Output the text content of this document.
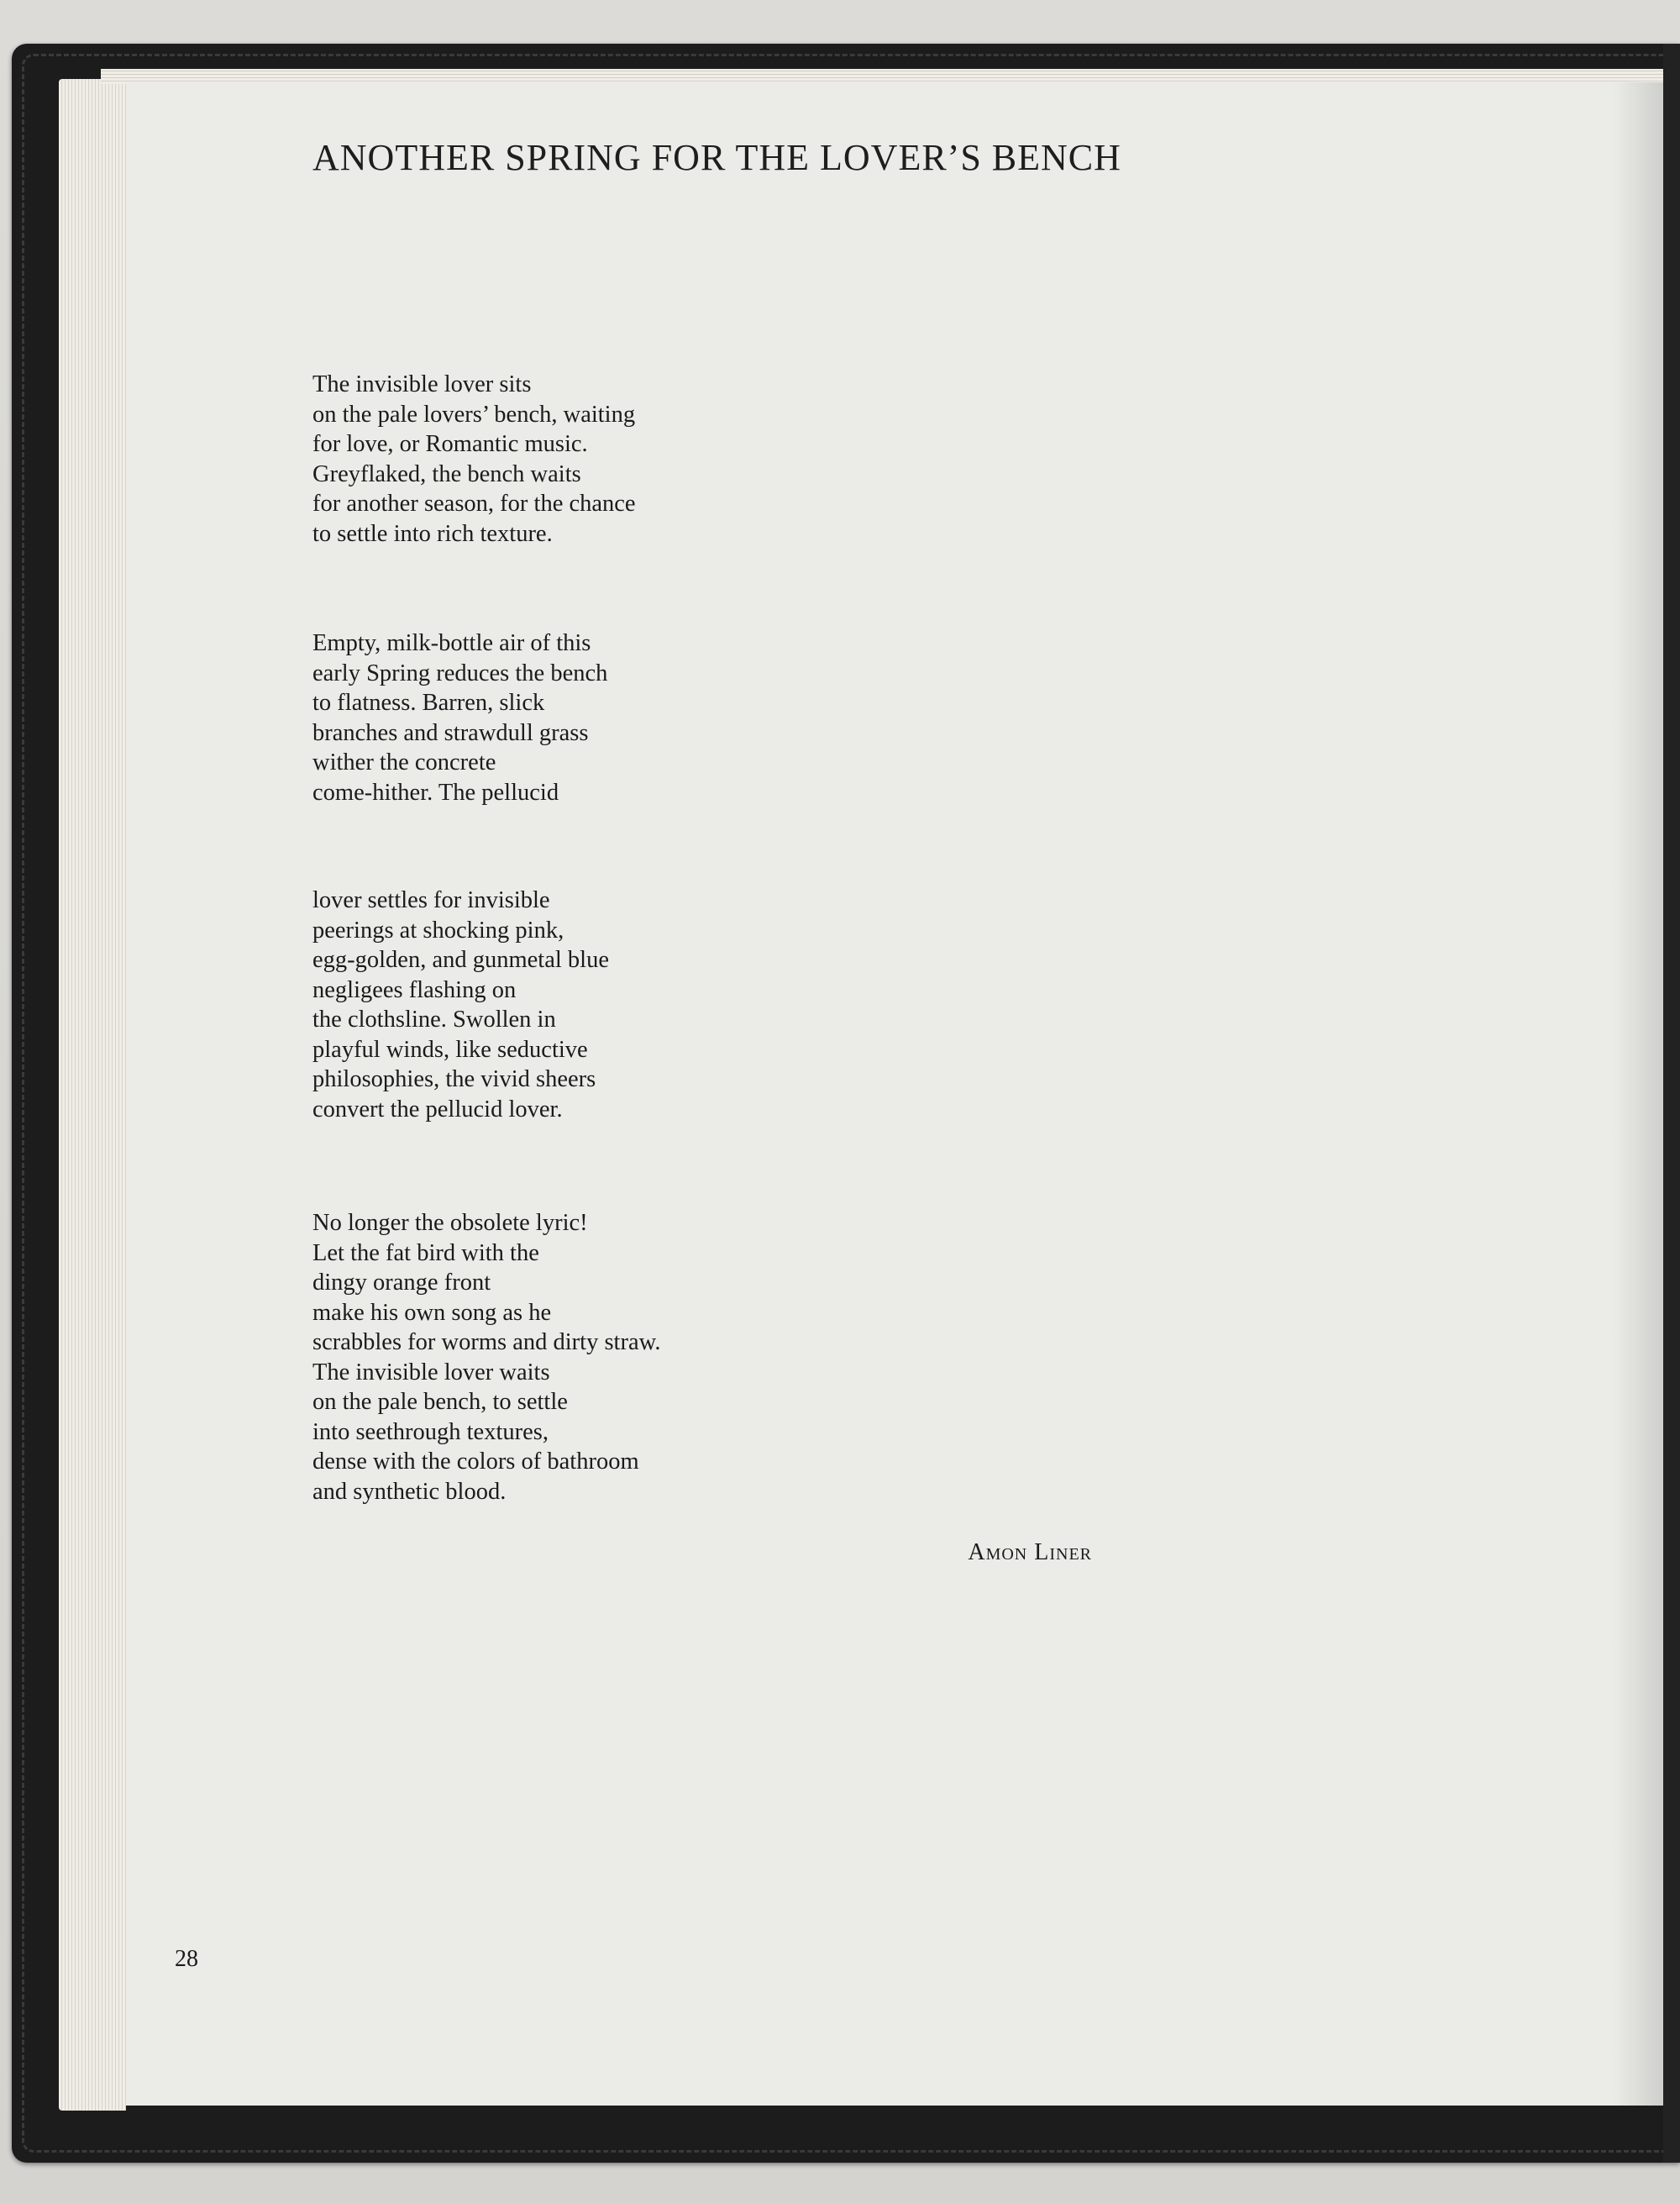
ANOTHER SPRING FOR THE LOVER’S BENCH
The invisible lover sits
on the pale lovers’ bench, waiting
for love, or Romantic music.
Greyflaked, the bench waits
for another season, for the chance
to settle into rich texture.
Empty, milk-bottle air of this
early Spring reduces the bench
to flatness. Barren, slick
branches and strawdull grass
wither the concrete
come-hither. The pellucid
lover settles for invisible
peerings at shocking pink,
egg-golden, and gunmetal blue
negligees flashing on
the clothsline. Swollen in
playful winds, like seductive
philosophies, the vivid sheers
convert the pellucid lover.
No longer the obsolete lyric!
Let the fat bird with the
dingy orange front
make his own song as he
scrabbles for worms and dirty straw.
The invisible lover waits
on the pale bench, to settle
into seethrough textures,
dense with the colors of bathroom
and synthetic blood.
Amon Liner
28
